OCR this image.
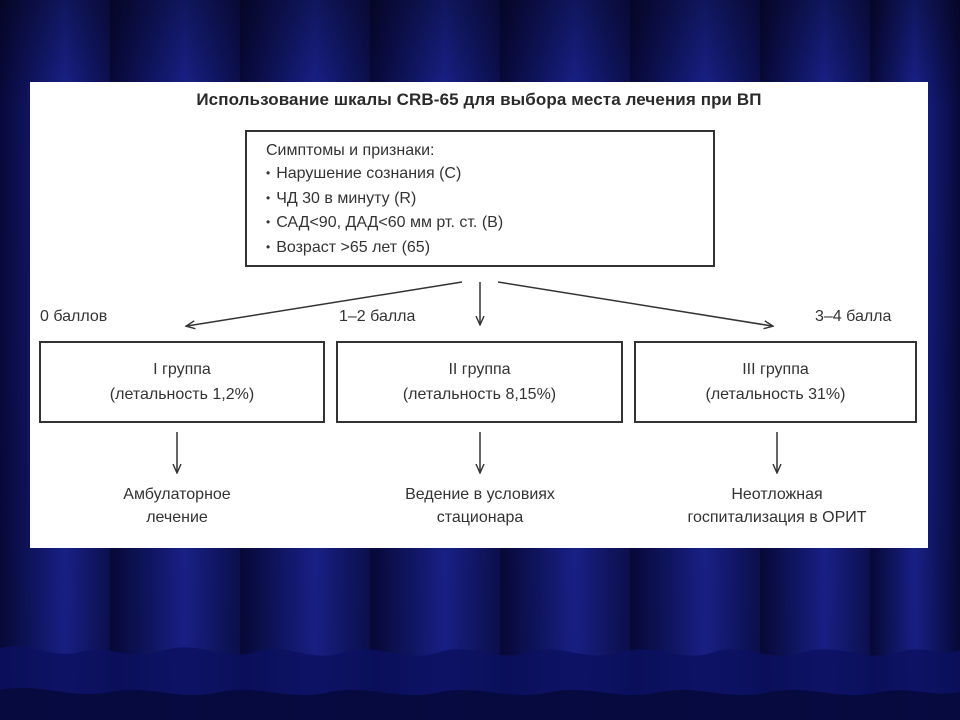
Использование шкалы CRB-65 для выбора места лечения при ВП
Симптомы и признаки:
• Нарушение сознания (C)
• ЧД 30 в минуту (R)
• САД<90, ДАД<60 мм рт. ст. (B)
• Возраст >65 лет (65)
0 баллов	1–2 балла	3–4 балла
I группа
(летальность 1,2%)
II группа
(летальность 8,15%)
III группа
(летальность 31%)
Амбулаторное
лечение
Ведение в условиях
стационара
Неотложная
госпитализация в ОРИТ
